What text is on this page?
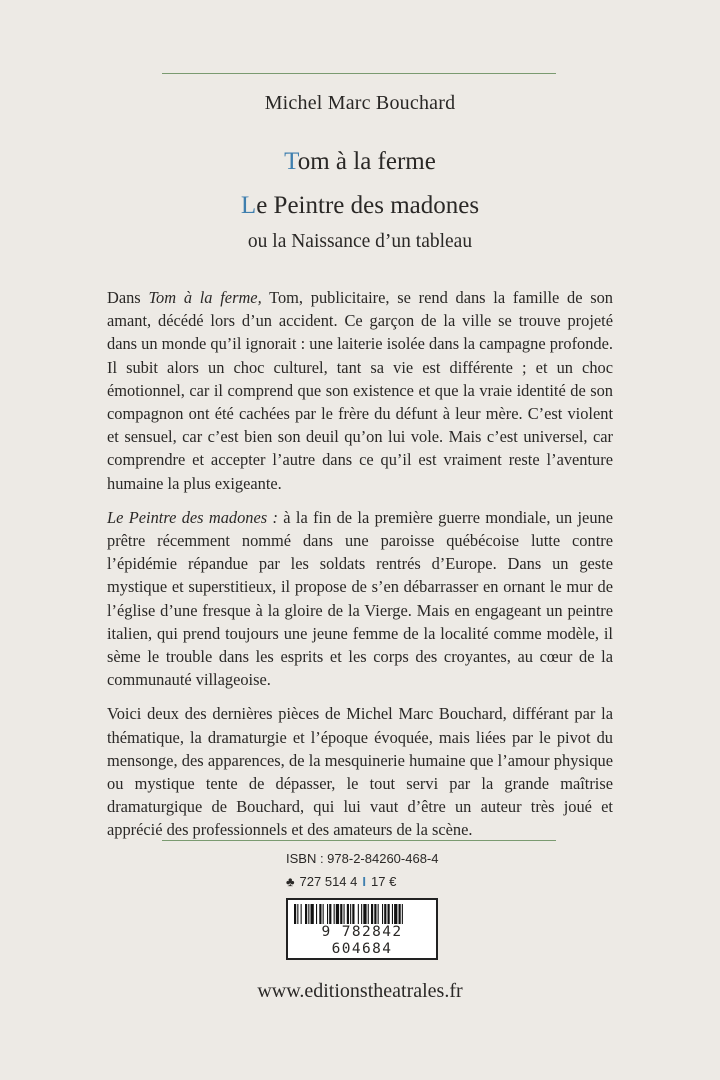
Michel Marc Bouchard
Tom à la ferme
Le Peintre des madones
ou la Naissance d’un tableau

Dans Tom à la ferme, Tom, publicitaire, se rend dans la famille de son amant, décédé lors d’un accident. Ce garçon de la ville se trouve projeté dans un monde qu’il ignorait : une laiterie isolée dans la campagne profonde. Il subit alors un choc culturel, tant sa vie est différente ; et un choc émotionnel, car il comprend que son existence et que la vraie identité de son compagnon ont été cachées par le frère du défunt à leur mère. C’est violent et sensuel, car c’est bien son deuil qu’on lui vole. Mais c’est universel, car comprendre et accepter l’autre dans ce qu’il est vraiment reste l’aventure humaine la plus exigeante.

Le Peintre des madones : à la fin de la première guerre mondiale, un jeune prêtre récemment nommé dans une paroisse québécoise lutte contre l’épidémie répandue par les soldats rentrés d’Europe. Dans un geste mystique et superstitieux, il propose de s’en débarrasser en ornant le mur de l’église d’une fresque à la gloire de la Vierge. Mais en engageant un peintre italien, qui prend toujours une jeune femme de la localité comme modèle, il sème le trouble dans les esprits et les corps des croyantes, au cœur de la communauté villageoise.

Voici deux des dernières pièces de Michel Marc Bouchard, différant par la thématique, la dramaturgie et l’époque évoquée, mais liées par le pivot du mensonge, des apparences, de la mesquinerie humaine que l’amour physique ou mystique tente de dépasser, le tout servi par la grande maîtrise dramaturgique de Bouchard, qui lui vaut d’être un auteur très joué et apprécié des professionnels et des amateurs de la scène.

ISBN : 978-2-84260-468-4
♣ 727 514 4 I 17 €
9 782842 604684
www.editionstheatrales.fr
